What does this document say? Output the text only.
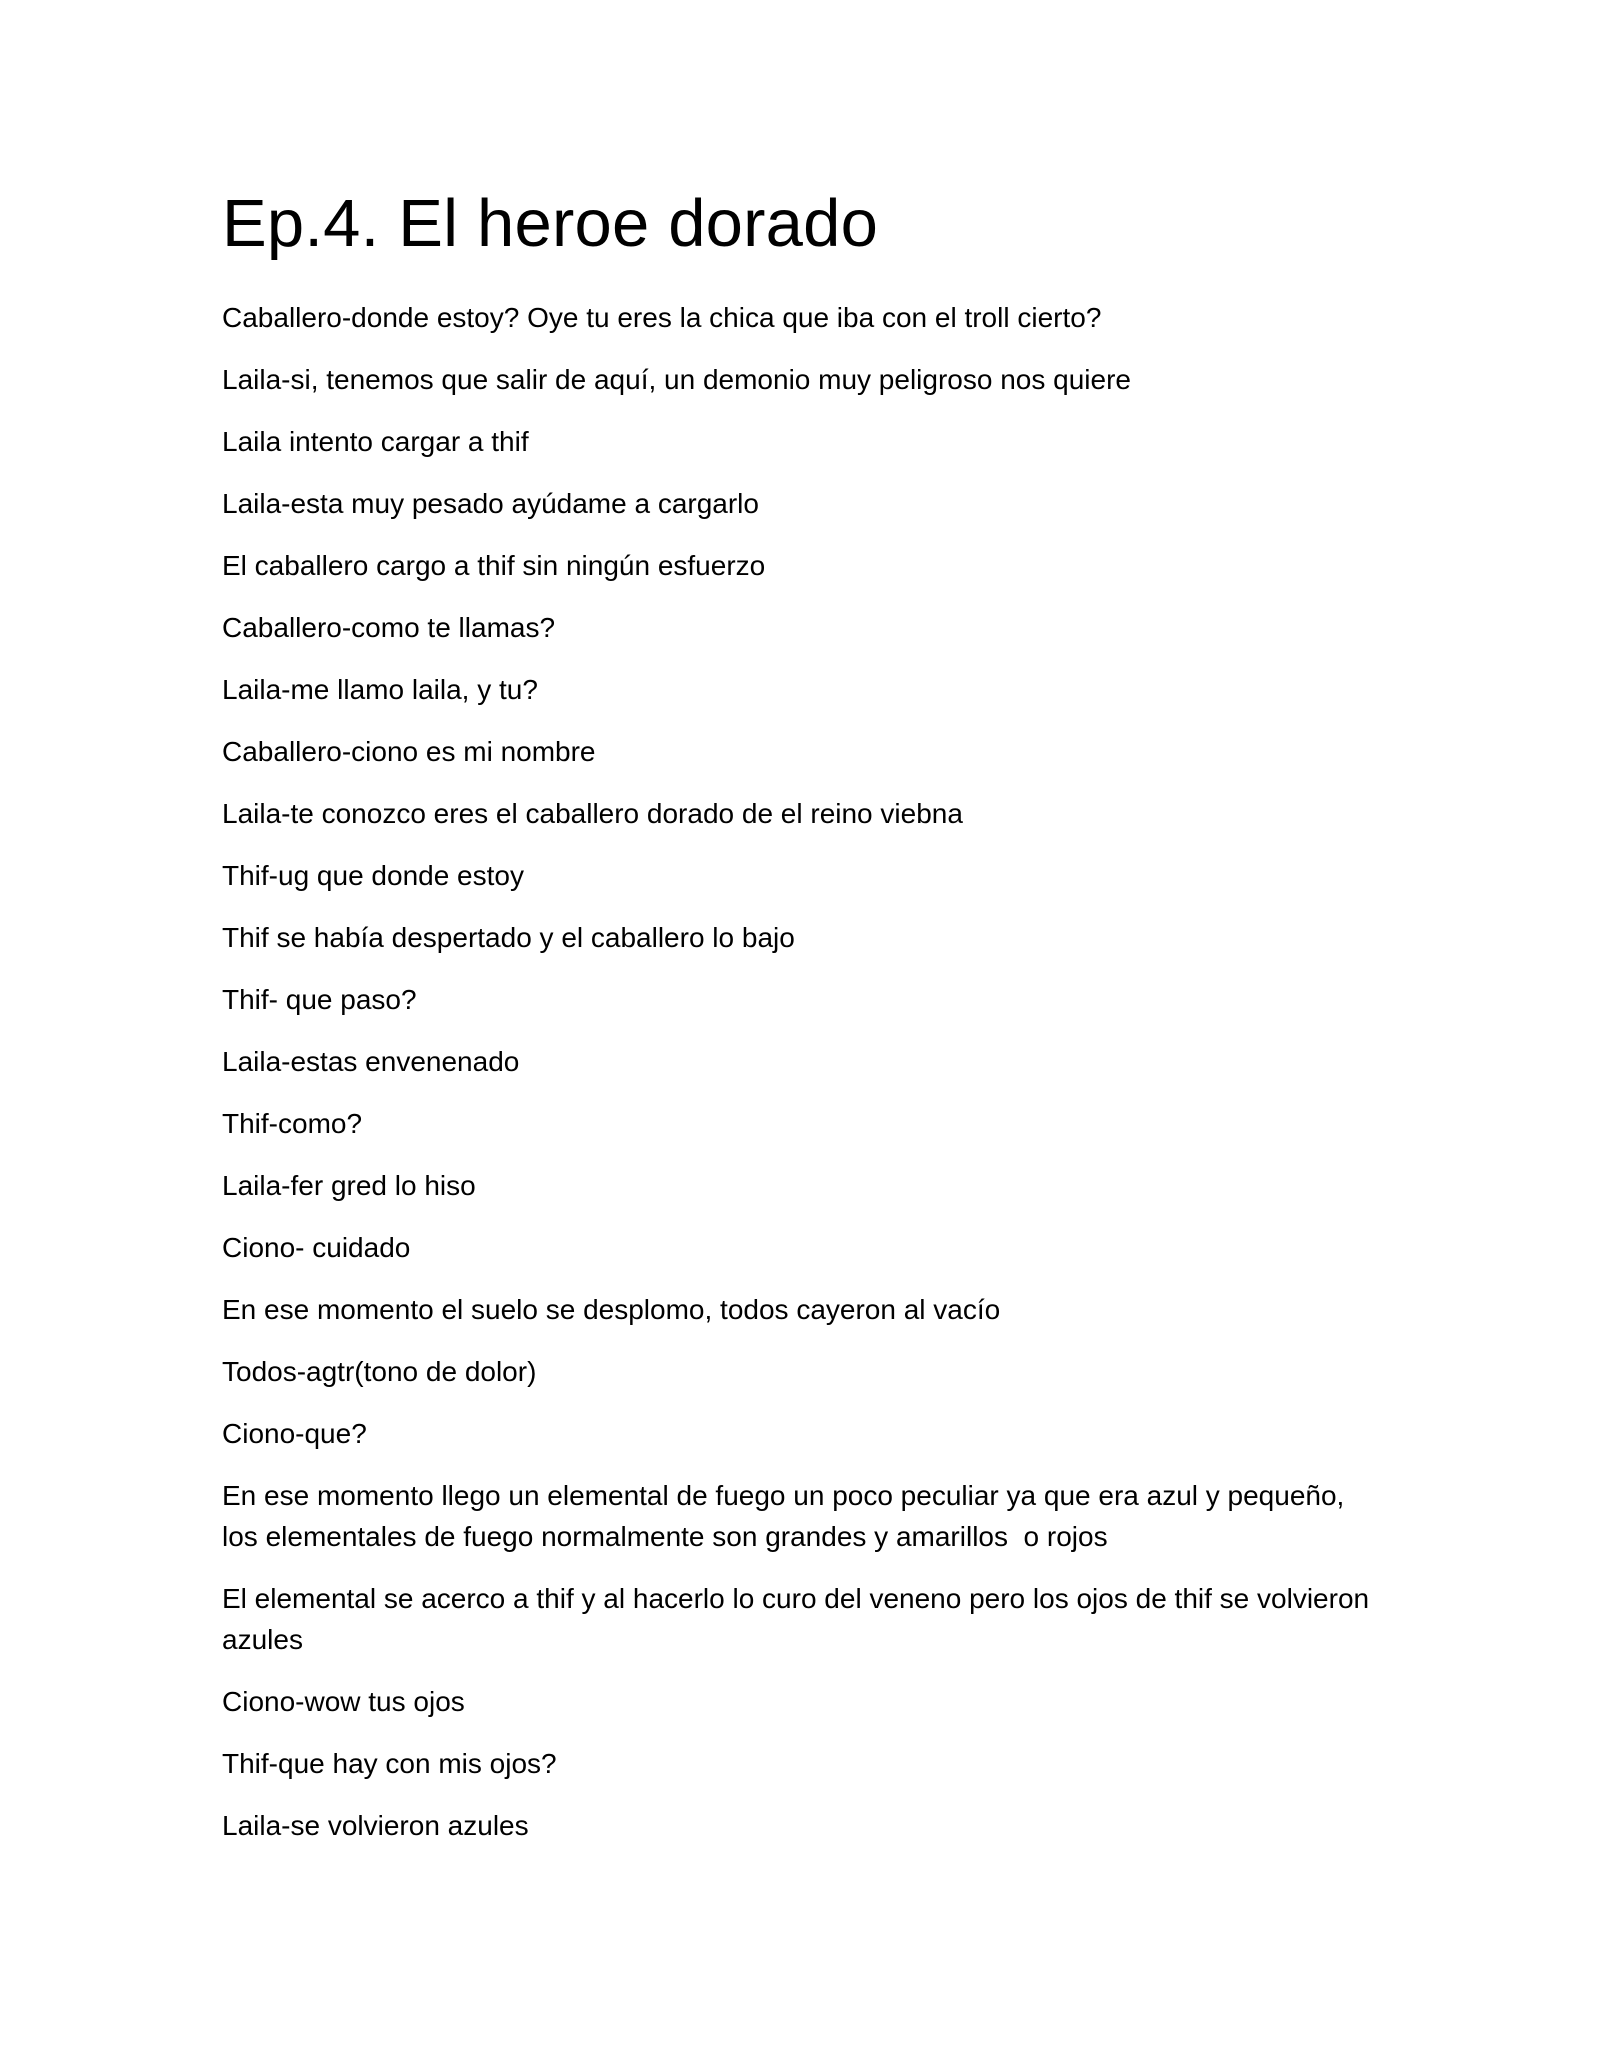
Ep.4. El heroe dorado

Caballero-donde estoy? Oye tu eres la chica que iba con el troll cierto?

Laila-si, tenemos que salir de aquí, un demonio muy peligroso nos quiere

Laila intento cargar a thif

Laila-esta muy pesado ayúdame a cargarlo

El caballero cargo a thif sin ningún esfuerzo

Caballero-como te llamas?

Laila-me llamo laila, y tu?

Caballero-ciono es mi nombre

Laila-te conozco eres el caballero dorado de el reino viebna

Thif-ug que donde estoy

Thif se había despertado y el caballero lo bajo

Thif- que paso?

Laila-estas envenenado

Thif-como?

Laila-fer gred lo hiso

Ciono- cuidado

En ese momento el suelo se desplomo, todos cayeron al vacío

Todos-agtr(tono de dolor)

Ciono-que?

En ese momento llego un elemental de fuego un poco peculiar ya que era azul y pequeño, los elementales de fuego normalmente son grandes y amarillos  o rojos

El elemental se acerco a thif y al hacerlo lo curo del veneno pero los ojos de thif se volvieron azules

Ciono-wow tus ojos

Thif-que hay con mis ojos?

Laila-se volvieron azules
